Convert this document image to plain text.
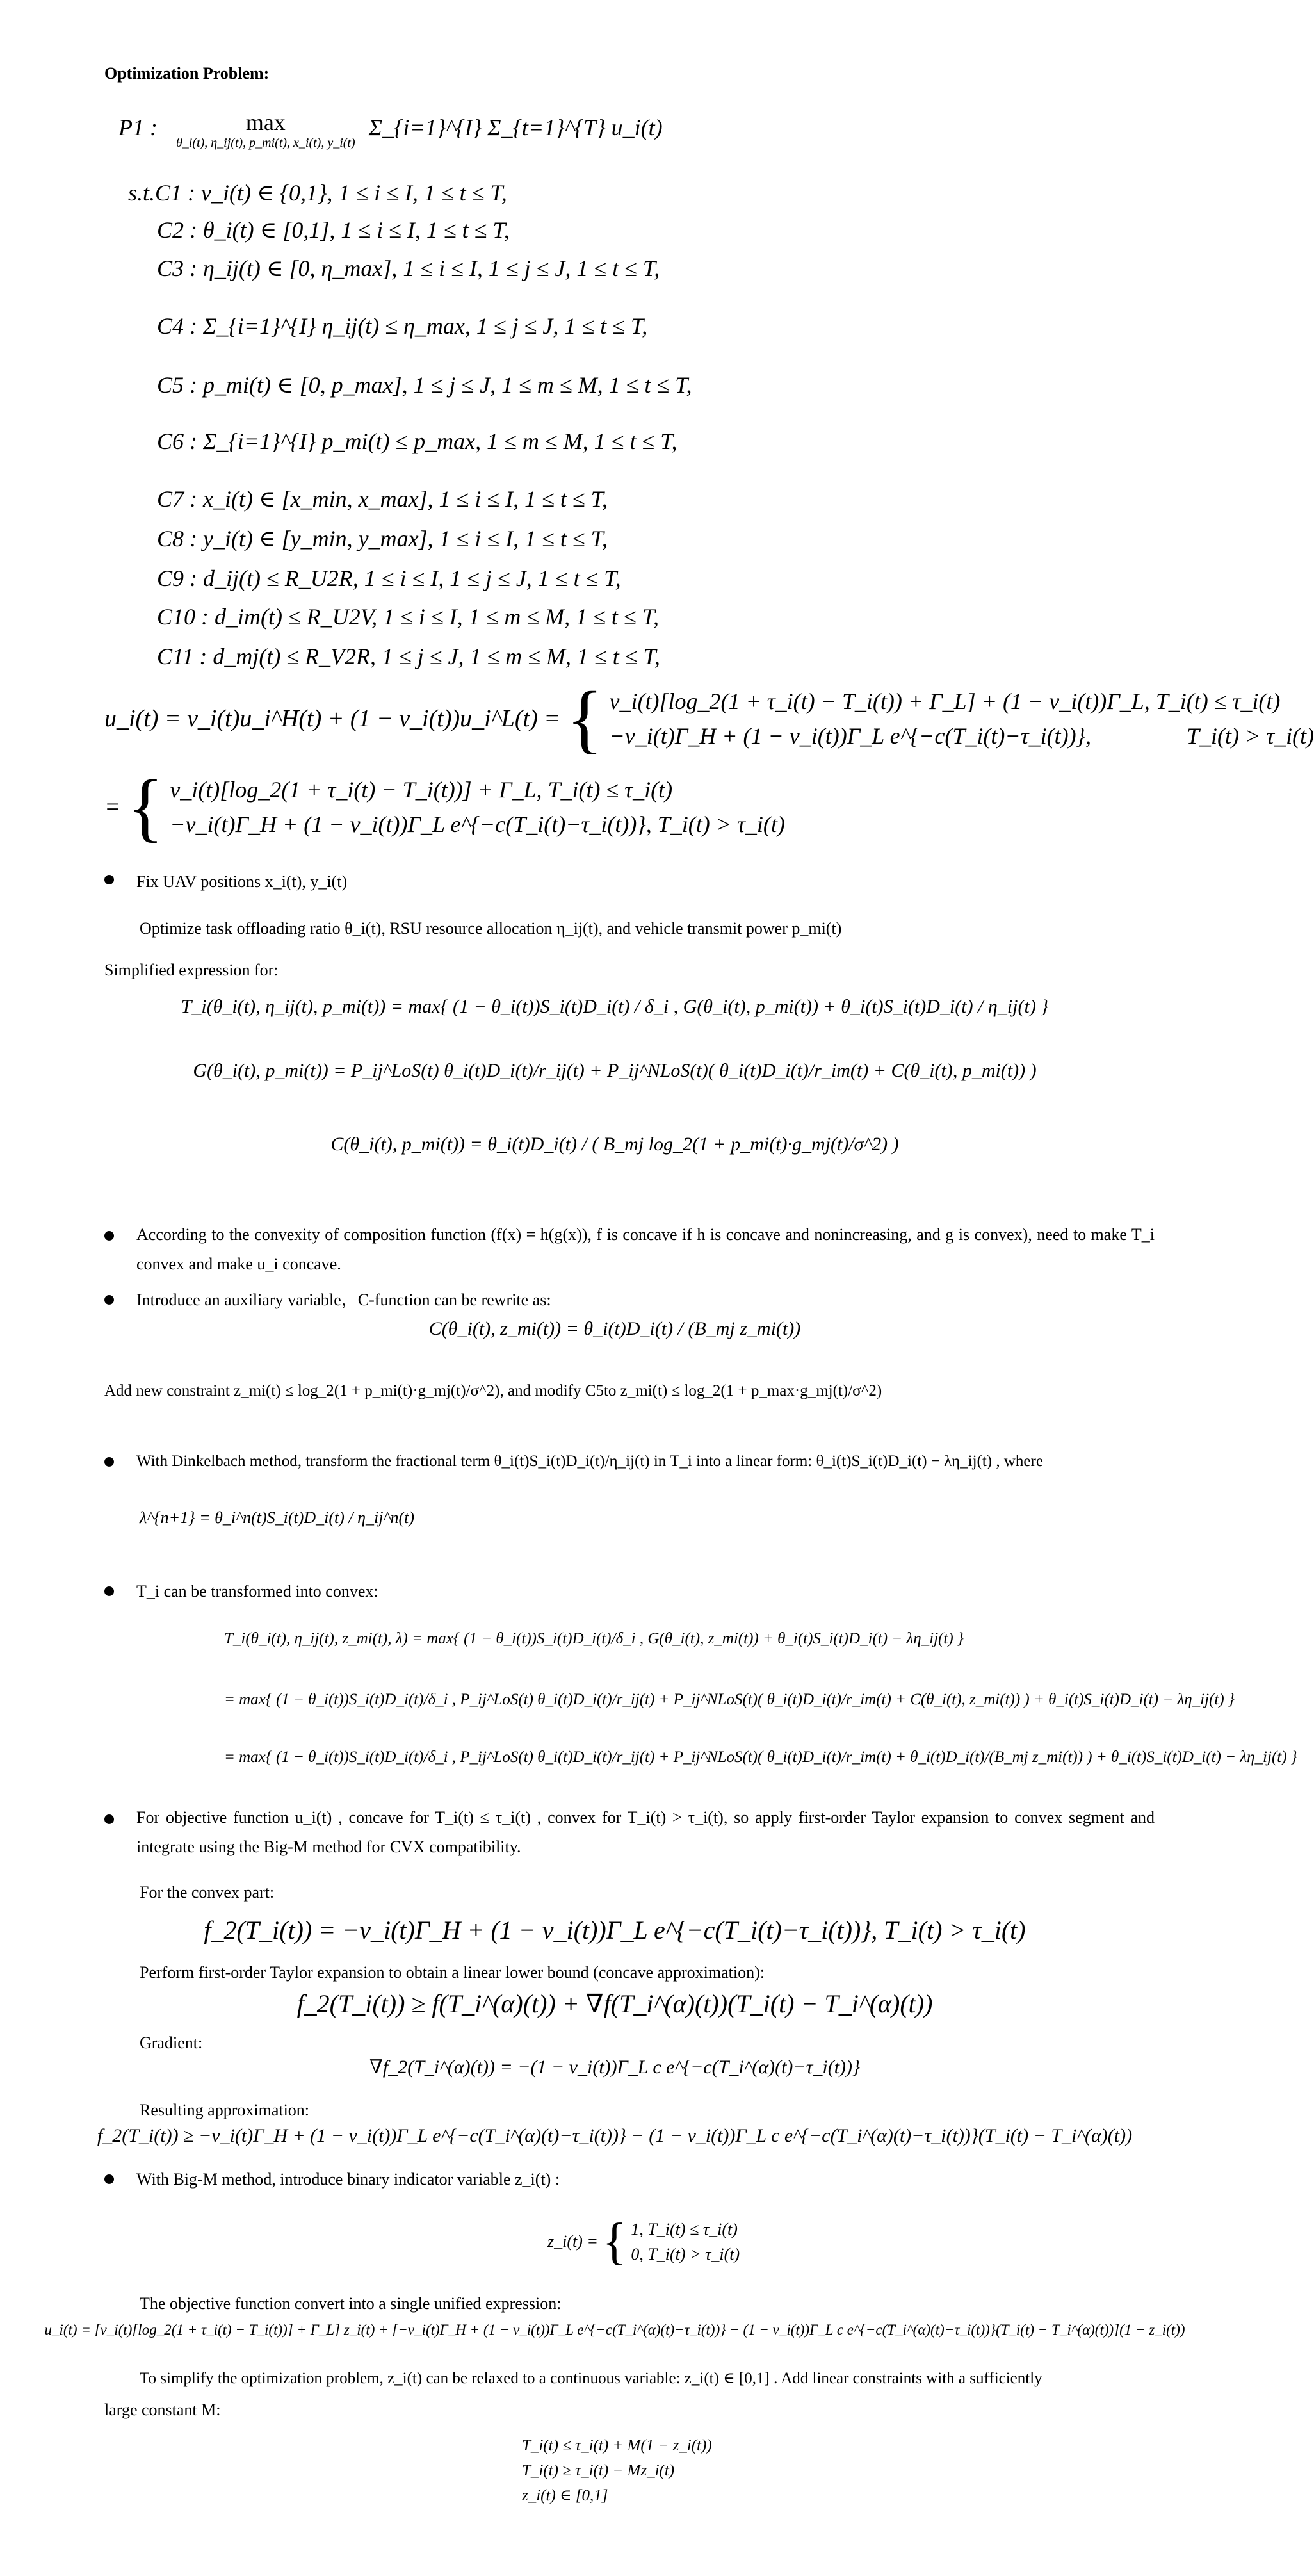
Optimization Problem:
P1 :	max
θ_i(t), η_ij(t), p_mi(t), x_i(t), y_i(t)
Σ_{i=1}^{I} Σ_{t=1}^{T} u_i(t)
s.t.C1 : v_i(t) ∈ {0,1}, 1 ≤ i ≤ I, 1 ≤ t ≤ T,
C2 : θ_i(t) ∈ [0,1], 1 ≤ i ≤ I, 1 ≤ t ≤ T,
C3 : η_ij(t) ∈ [0, η_max], 1 ≤ i ≤ I, 1 ≤ j ≤ J, 1 ≤ t ≤ T,
C4 : Σ_{i=1}^{I} η_ij(t) ≤ η_max, 1 ≤ j ≤ J, 1 ≤ t ≤ T,
C5 : p_mi(t) ∈ [0, p_max], 1 ≤ j ≤ J, 1 ≤ m ≤ M, 1 ≤ t ≤ T,
C6 : Σ_{i=1}^{I} p_mi(t) ≤ p_max, 1 ≤ m ≤ M, 1 ≤ t ≤ T,
C7 : x_i(t) ∈ [x_min, x_max], 1 ≤ i ≤ I, 1 ≤ t ≤ T,
C8 : y_i(t) ∈ [y_min, y_max], 1 ≤ i ≤ I, 1 ≤ t ≤ T,
C9 : d_ij(t) ≤ R_U2R, 1 ≤ i ≤ I, 1 ≤ j ≤ J, 1 ≤ t ≤ T,
C10 : d_im(t) ≤ R_U2V, 1 ≤ i ≤ I, 1 ≤ m ≤ M, 1 ≤ t ≤ T,
C11 : d_mj(t) ≤ R_V2R, 1 ≤ j ≤ J, 1 ≤ m ≤ M, 1 ≤ t ≤ T,
u_i(t) = v_i(t)u_i^H(t) + (1 − v_i(t))u_i^L(t) = { v_i(t)[log_2(1 + τ_i(t) − T_i(t)) + Γ_L] + (1 − v_i(t))Γ_L, T_i(t) ≤ τ_i(t)
−v_i(t)Γ_H + (1 − v_i(t))Γ_L e^{−c(T_i(t)−τ_i(t))},	T_i(t) > τ_i(t)
= { v_i(t)[log_2(1 + τ_i(t) − T_i(t))] + Γ_L, T_i(t) ≤ τ_i(t)
−v_i(t)Γ_H + (1 − v_i(t))Γ_L e^{−c(T_i(t)−τ_i(t))}, T_i(t) > τ_i(t)
Fix UAV positions x_i(t), y_i(t)
Optimize task offloading ratio θ_i(t), RSU resource allocation η_ij(t), and vehicle transmit power p_mi(t)
Simplified expression for:
T_i(θ_i(t), η_ij(t), p_mi(t)) = max{ (1 − θ_i(t))S_i(t)D_i(t) / δ_i , G(θ_i(t), p_mi(t)) + θ_i(t)S_i(t)D_i(t) / η_ij(t) }
G(θ_i(t), p_mi(t)) = P_ij^LoS(t) θ_i(t)D_i(t)/r_ij(t) + P_ij^NLoS(t)( θ_i(t)D_i(t)/r_im(t) + C(θ_i(t), p_mi(t)) )
C(θ_i(t), p_mi(t)) = θ_i(t)D_i(t) / ( B_mj log_2(1 + p_mi(t)·g_mj(t)/σ^2) )
According to the convexity of composition function (f(x) = h(g(x)), f is concave if h is concave and nonincreasing, and g is convex), need to make T_i convex and make u_i concave.
Introduce an auxiliary variable，C-function can be rewrite as:
C(θ_i(t), z_mi(t)) = θ_i(t)D_i(t) / (B_mj z_mi(t))
Add new constraint z_mi(t) ≤ log_2(1 + p_mi(t)·g_mj(t)/σ^2), and modify C5to z_mi(t) ≤ log_2(1 + p_max·g_mj(t)/σ^2)
With Dinkelbach method, transform the fractional term θ_i(t)S_i(t)D_i(t)/η_ij(t) in T_i into a linear form: θ_i(t)S_i(t)D_i(t) − λη_ij(t) , where
λ^{n+1} = θ_i^n(t)S_i(t)D_i(t) / η_ij^n(t)
T_i can be transformed into convex:
T_i(θ_i(t), η_ij(t), z_mi(t), λ) = max{ (1 − θ_i(t))S_i(t)D_i(t)/δ_i , G(θ_i(t), z_mi(t)) + θ_i(t)S_i(t)D_i(t) − λη_ij(t) }
= max{ (1 − θ_i(t))S_i(t)D_i(t)/δ_i , P_ij^LoS(t) θ_i(t)D_i(t)/r_ij(t) + P_ij^NLoS(t)( θ_i(t)D_i(t)/r_im(t) + C(θ_i(t), z_mi(t)) ) + θ_i(t)S_i(t)D_i(t) − λη_ij(t) }
= max{ (1 − θ_i(t))S_i(t)D_i(t)/δ_i , P_ij^LoS(t) θ_i(t)D_i(t)/r_ij(t) + P_ij^NLoS(t)( θ_i(t)D_i(t)/r_im(t) + θ_i(t)D_i(t)/(B_mj z_mi(t)) ) + θ_i(t)S_i(t)D_i(t) − λη_ij(t) }
For objective function u_i(t) , concave for T_i(t) ≤ τ_i(t) , convex for T_i(t) > τ_i(t), so apply first-order Taylor expansion to convex segment and integrate using the Big-M method for CVX compatibility.
For the convex part:
f_2(T_i(t)) = −v_i(t)Γ_H + (1 − v_i(t))Γ_L e^{−c(T_i(t)−τ_i(t))}, T_i(t) > τ_i(t)
Perform first-order Taylor expansion to obtain a linear lower bound (concave approximation):
f_2(T_i(t)) ≥ f(T_i^(α)(t)) + ∇f(T_i^(α)(t))(T_i(t) − T_i^(α)(t))
Gradient:
∇f_2(T_i^(α)(t)) = −(1 − v_i(t))Γ_L c e^{−c(T_i^(α)(t)−τ_i(t))}
Resulting approximation:
f_2(T_i(t)) ≥ −v_i(t)Γ_H + (1 − v_i(t))Γ_L e^{−c(T_i^(α)(t)−τ_i(t))} − (1 − v_i(t))Γ_L c e^{−c(T_i^(α)(t)−τ_i(t))}(T_i(t) − T_i^(α)(t))
With Big-M method, introduce binary indicator variable z_i(t) :
z_i(t) = { 1, T_i(t) ≤ τ_i(t)
0, T_i(t) > τ_i(t)
The objective function convert into a single unified expression:
u_i(t) = [v_i(t)[log_2(1 + τ_i(t) − T_i(t))] + Γ_L] z_i(t) + [−v_i(t)Γ_H + (1 − v_i(t))Γ_L e^{−c(T_i^(α)(t)−τ_i(t))} − (1 − v_i(t))Γ_L c e^{−c(T_i^(α)(t)−τ_i(t))}(T_i(t) − T_i^(α)(t))](1 − z_i(t))
To simplify the optimization problem, z_i(t) can be relaxed to a continuous variable: z_i(t) ∈ [0,1] . Add linear constraints with a sufficiently
large constant M:
T_i(t) ≤ τ_i(t) + M(1 − z_i(t))
T_i(t) ≥ τ_i(t) − Mz_i(t)
z_i(t) ∈ [0,1]
